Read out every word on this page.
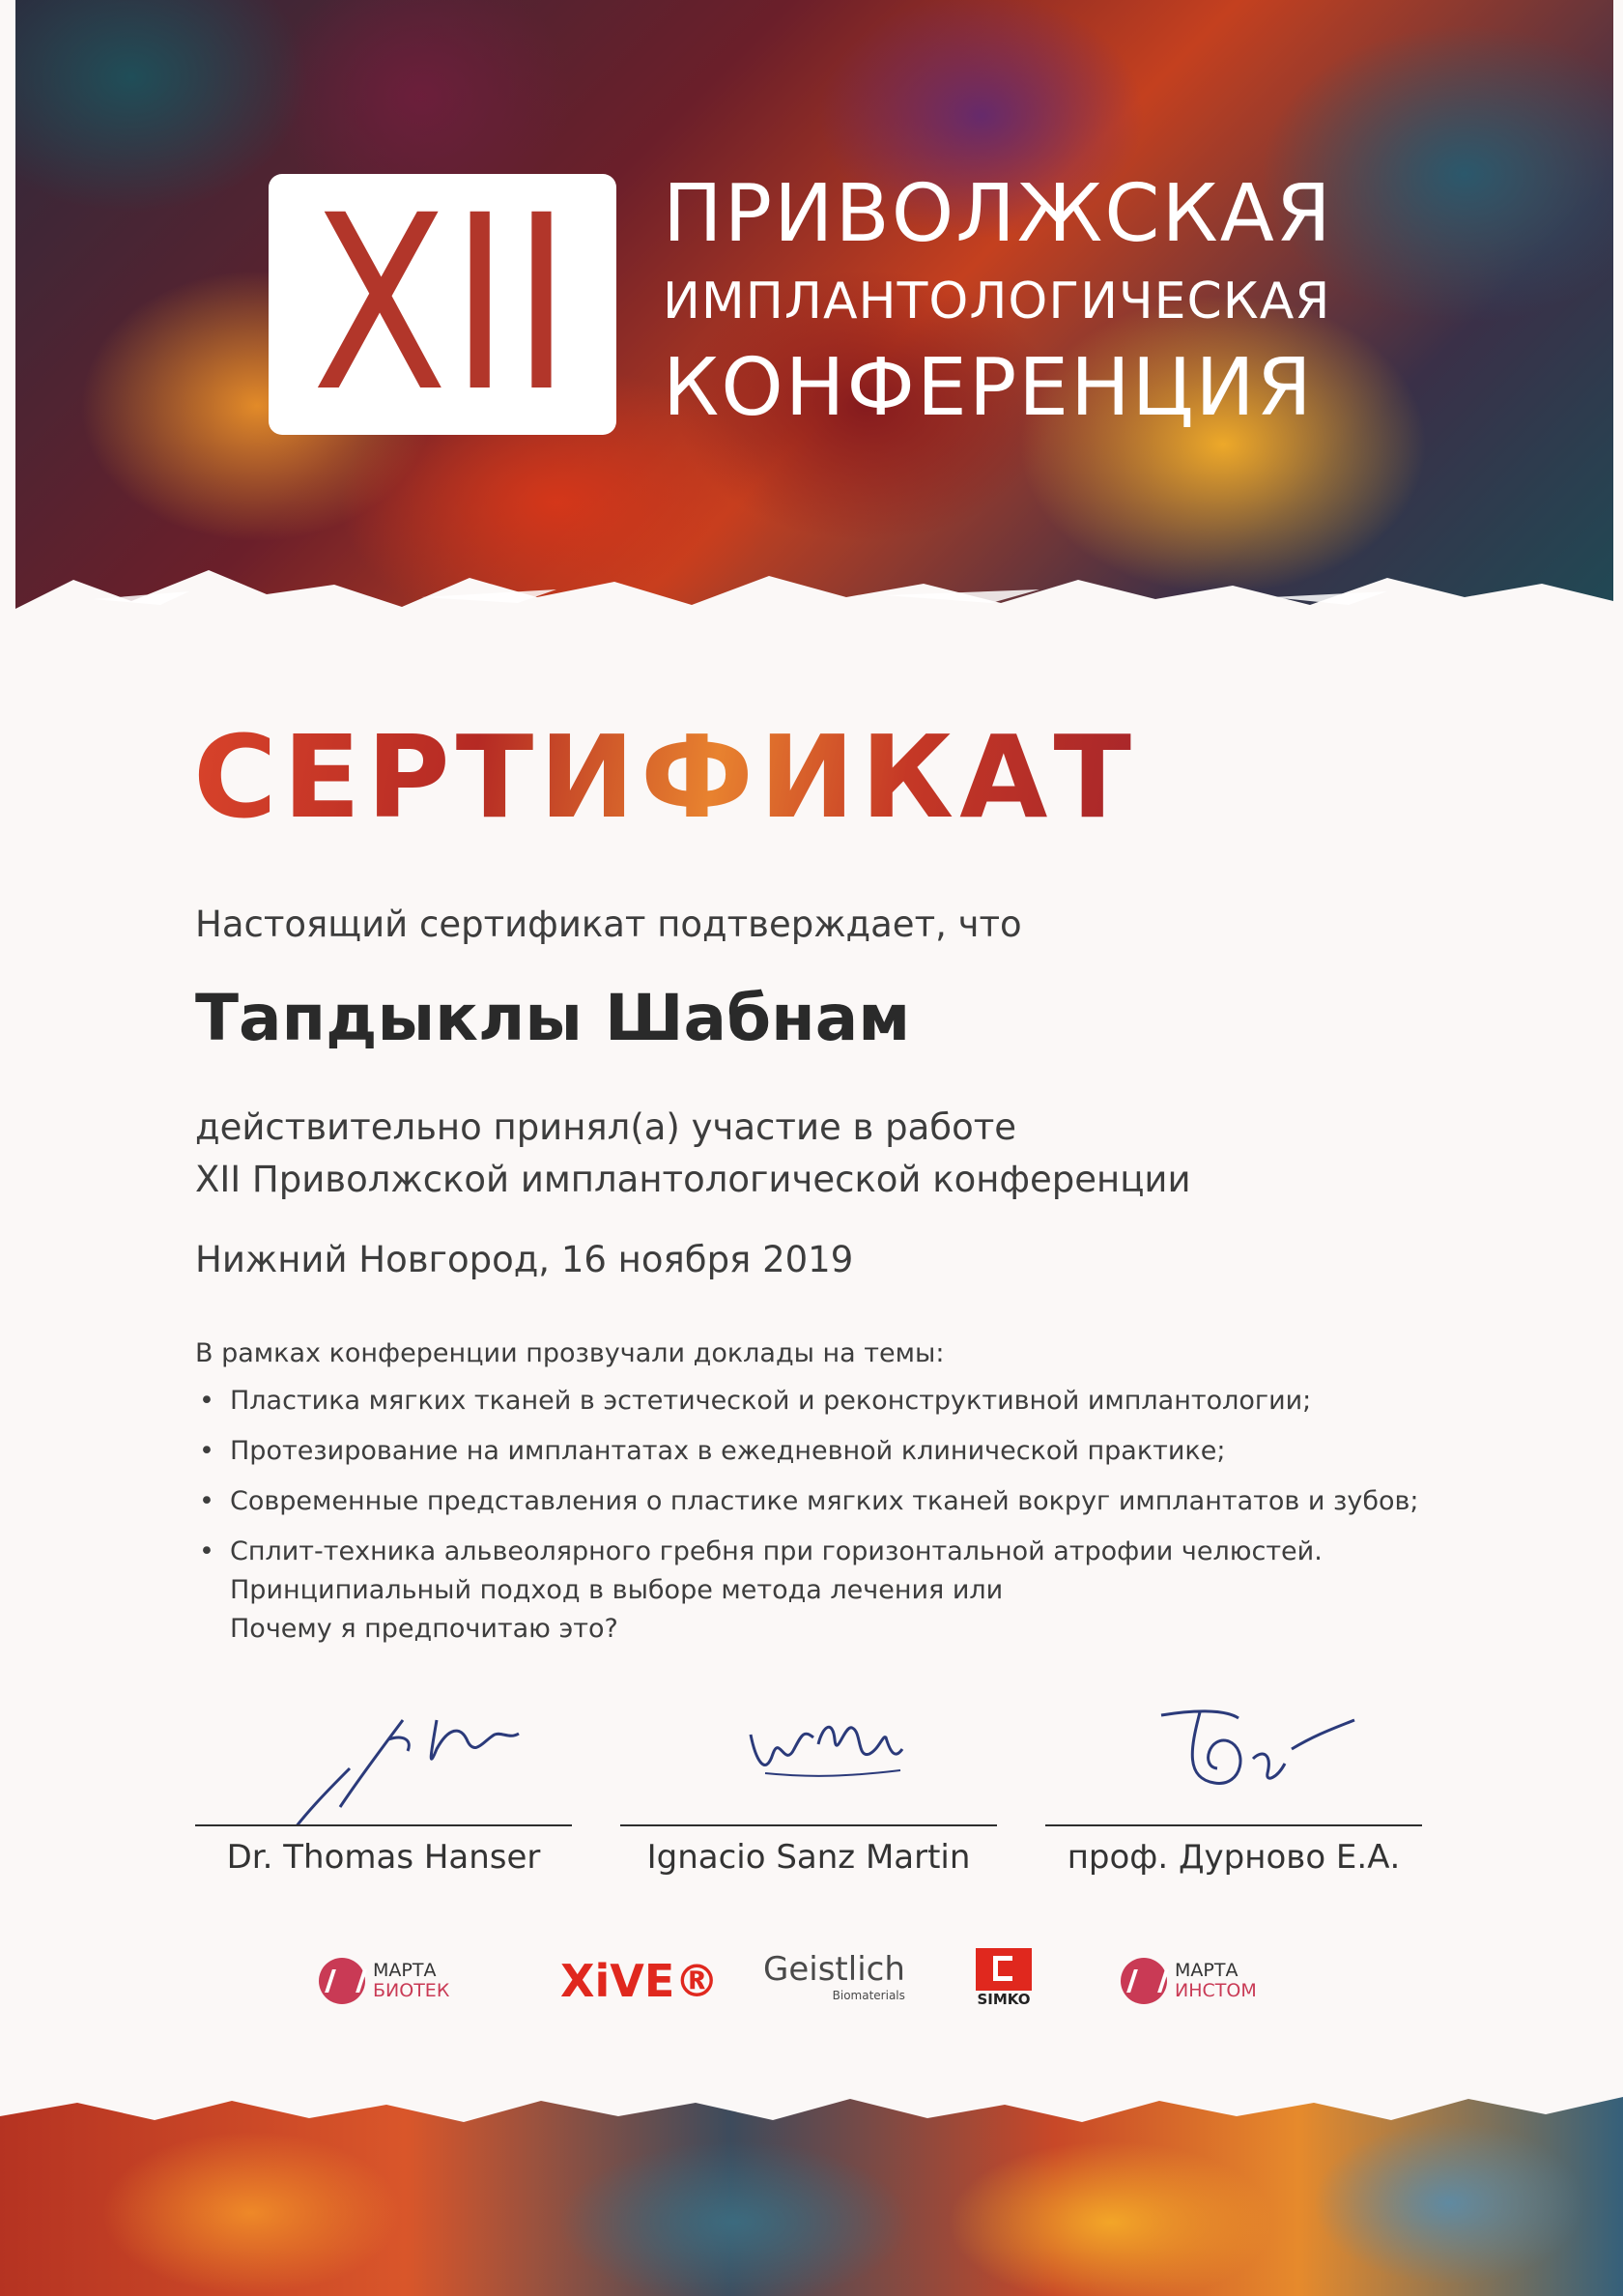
XII ПРИВОЛЖСКАЯ
ИМПЛАНТОЛОГИЧЕСКАЯ
КОНФЕРЕНЦИЯ
СЕРТИФИКАТ
Настоящий сертификат подтверждает, что
Тапдыклы Шабнам
действительно принял(а) участие в работе
XII Приволжской имплантологической конференции
Нижний Новгород, 16 ноября 2019
В рамках конференции прозвучали доклады на темы:
• Пластика мягких тканей в эстетической и реконструктивной имплантологии;
• Протезирование на имплантатах в ежедневной клинической практике;
• Современные представления о пластике мягких тканей вокруг имплантатов и зубов;
• Сплит-техника альвеолярного гребня при горизонтальной атрофии челюстей.
Принципиальный подход в выборе метода лечения или
Почему я предпочитаю это?
Dr. Thomas Hanser	Ignacio Sanz Martin	проф. Дурново Е.А.
МАРТА
БИОТЕК XiVE® Geistlich
Biomaterials	SIMKO
МАРТА
ИНСТОМ
